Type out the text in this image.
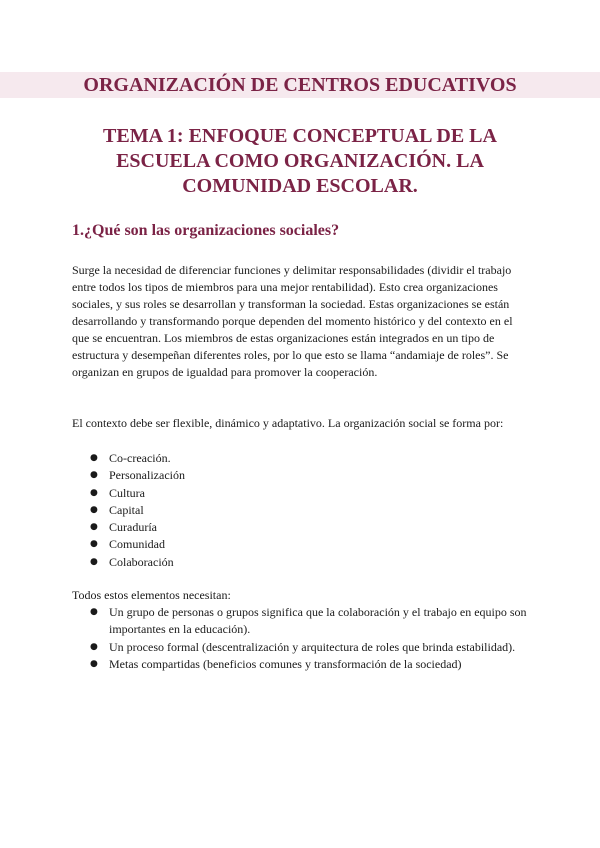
ORGANIZACIÓN DE CENTROS EDUCATIVOS
TEMA 1: ENFOQUE CONCEPTUAL DE LA ESCUELA COMO ORGANIZACIÓN. LA COMUNIDAD ESCOLAR.
1.¿Qué son las organizaciones sociales?

Surge la necesidad de diferenciar funciones y delimitar responsabilidades (dividir el trabajo entre todos los tipos de miembros para una mejor rentabilidad). Esto crea organizaciones sociales, y sus roles se desarrollan y transforman la sociedad. Estas organizaciones se están desarrollando y transformando porque dependen del momento histórico y del contexto en el que se encuentran. Los miembros de estas organizaciones están integrados en un tipo de estructura y desempeñan diferentes roles, por lo que esto se llama “andamiaje de roles”. Se organizan en grupos de igualdad para promover la cooperación.

El contexto debe ser flexible, dinámico y adaptativo. La organización social se forma por:

● Co-creación.
● Personalización
● Cultura
● Capital
● Curaduría
● Comunidad
● Colaboración

Todos estos elementos necesitan:

● Un grupo de personas o grupos significa que la colaboración y el trabajo en equipo son importantes en la educación).
● Un proceso formal (descentralización y arquitectura de roles que brinda estabilidad).
● Metas compartidas (beneficios comunes y transformación de la sociedad)
